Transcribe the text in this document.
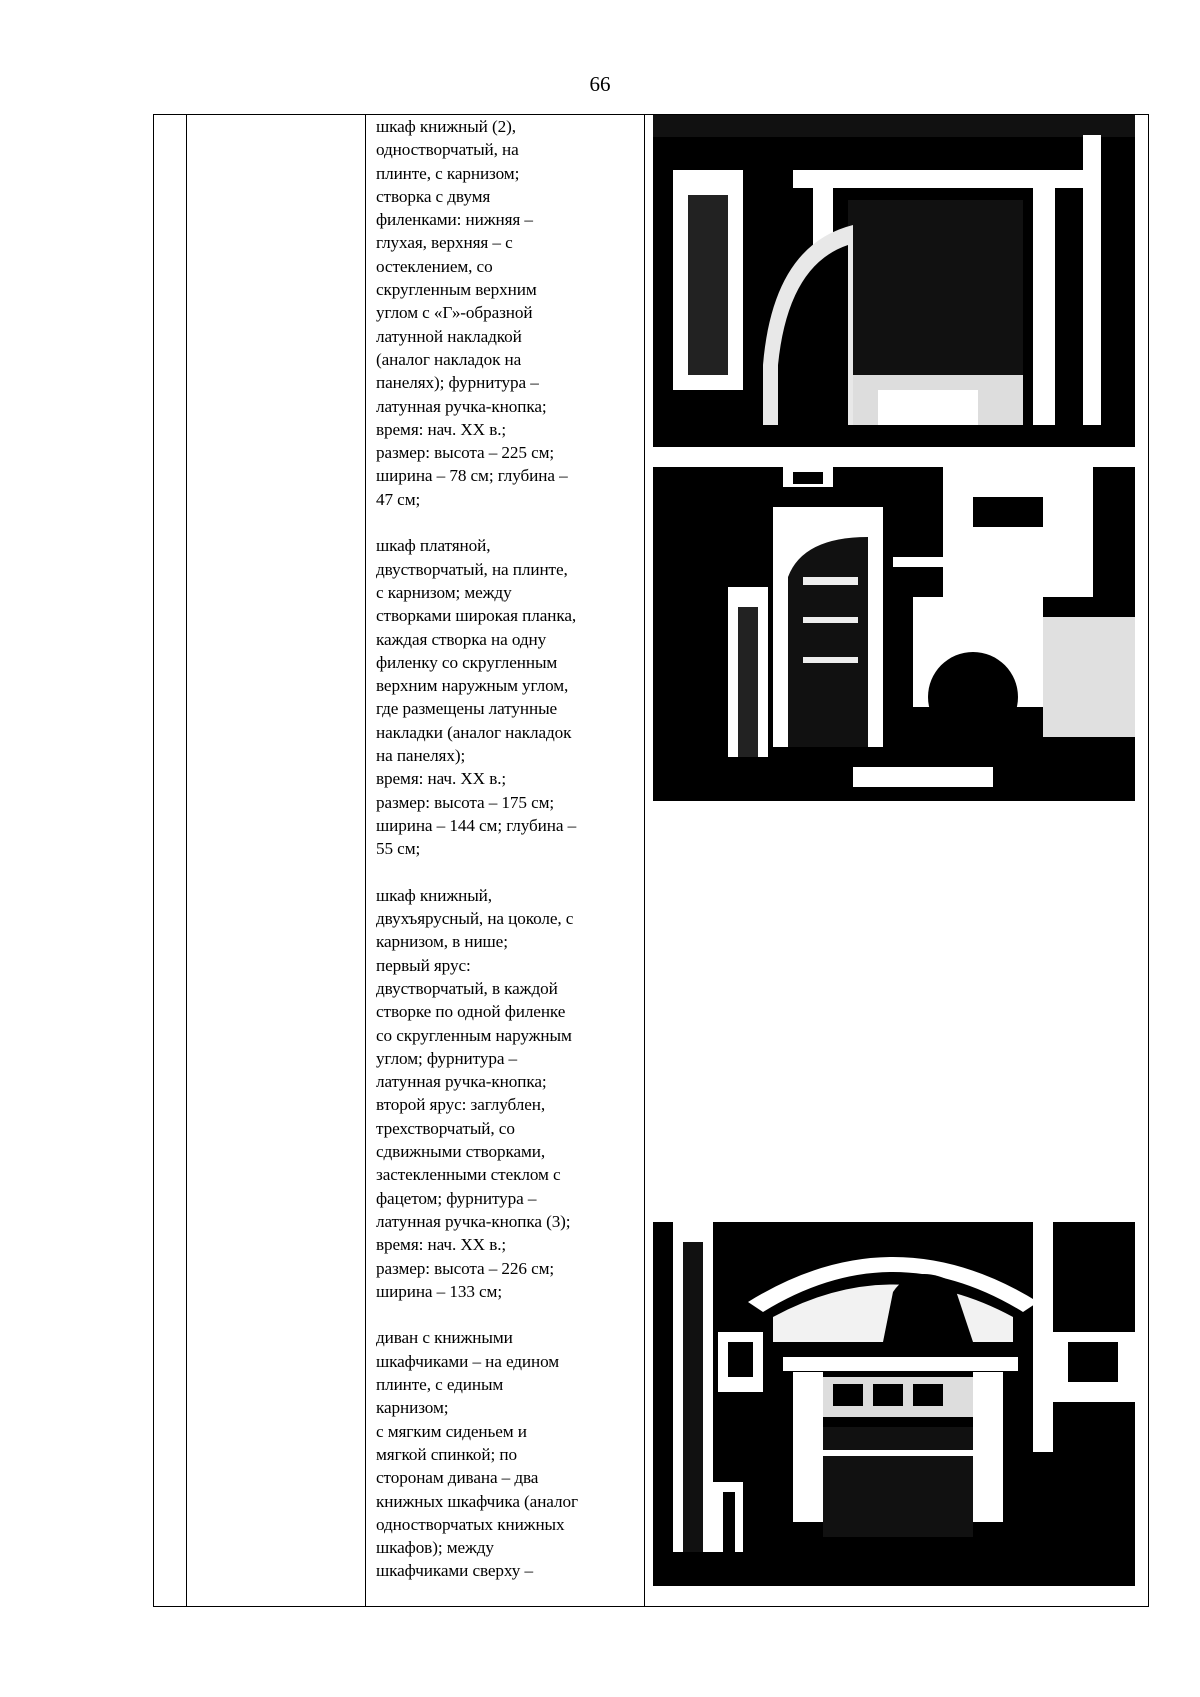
66

шкаф книжный (2),
одностворчатый, на
плинте, с карнизом;
створка с двумя
филенками: нижняя –
глухая, верхняя – с
остеклением, со
скругленным верхним
углом с «Г»-образной
латунной накладкой
(аналог накладок на
панелях); фурнитура –
латунная ручка-кнопка;
время: нач. XX в.;
размер: высота – 225 см;
ширина – 78 см; глубина –
47 см;
шкаф платяной,
двустворчатый, на плинте,
с карнизом; между
створками широкая планка,
каждая створка на одну
филенку со скругленным
верхним наружным углом,
где размещены латунные
накладки (аналог накладок
на панелях);
время: нач. XX в.;
размер: высота – 175 см;
ширина – 144 см; глубина –
55 см;
шкаф книжный,
двухъярусный, на цоколе, с
карнизом, в нише;
первый ярус:
двустворчатый, в каждой
створке по одной филенке
со скругленным наружным
углом; фурнитура –
латунная ручка-кнопка;
второй ярус: заглублен,
трехстворчатый, со
сдвижными створками,
застекленными стеклом с
фацетом; фурнитура –
латунная ручка-кнопка (3);
время: нач. XX в.;
размер: высота – 226 см;
ширина – 133 см;
диван с книжными
шкафчиками – на едином
плинте, с единым
карнизом;
с мягким сиденьем и
мягкой спинкой; по
сторонам дивана – два
книжных шкафчика (аналог
одностворчатых книжных
шкафов); между
шкафчиками сверху –
